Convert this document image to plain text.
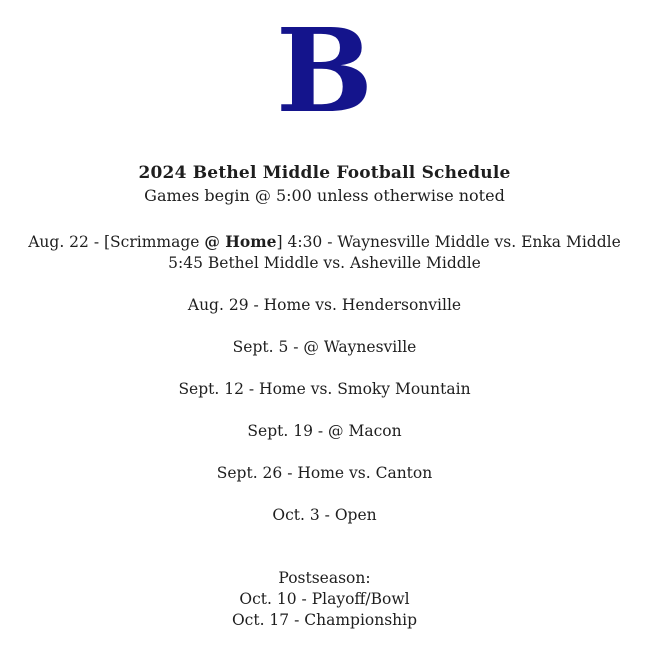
B
2024 Bethel Middle Football Schedule
Games begin @ 5:00 unless otherwise noted
Aug. 22 - [Scrimmage @ Home] 4:30 - Waynesville Middle vs. Enka Middle
5:45 Bethel Middle vs. Asheville Middle
Aug. 29 - Home vs. Hendersonville
Sept. 5 - @ Waynesville
Sept. 12 - Home vs. Smoky Mountain
Sept. 19 - @ Macon
Sept. 26 - Home vs. Canton
Oct. 3 - Open
Postseason:
Oct. 10 - Playoff/Bowl
Oct. 17 - Championship
